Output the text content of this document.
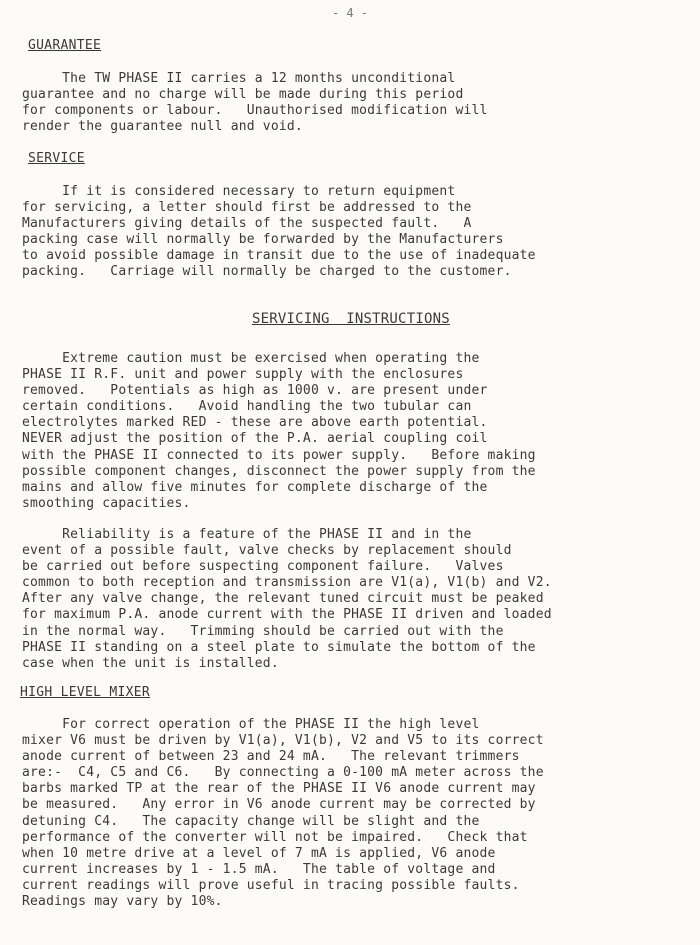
- 4 -
GUARANTEE
The TW PHASE II carries a 12 months unconditional
guarantee and no charge will be made during this period
for components or labour.   Unauthorised modification will
render the guarantee null and void.
SERVICE
If it is considered necessary to return equipment
for servicing, a letter should first be addressed to the
Manufacturers giving details of the suspected fault.   A
packing case will normally be forwarded by the Manufacturers
to avoid possible damage in transit due to the use of inadequate
packing.   Carriage will normally be charged to the customer.
SERVICING INSTRUCTIONS
Extreme caution must be exercised when operating the
PHASE II R.F. unit and power supply with the enclosures
removed.   Potentials as high as 1000 v. are present under
certain conditions.   Avoid handling the two tubular can
electrolytes marked RED - these are above earth potential.
NEVER adjust the position of the P.A. aerial coupling coil
with the PHASE II connected to its power supply.   Before making
possible component changes, disconnect the power supply from the
mains and allow five minutes for complete discharge of the
smoothing capacities.
Reliability is a feature of the PHASE II and in the
event of a possible fault, valve checks by replacement should
be carried out before suspecting component failure.   Valves
common to both reception and transmission are V1(a), V1(b) and V2.
After any valve change, the relevant tuned circuit must be peaked
for maximum P.A. anode current with the PHASE II driven and loaded
in the normal way.   Trimming should be carried out with the
PHASE II standing on a steel plate to simulate the bottom of the
case when the unit is installed.
HIGH LEVEL MIXER
For correct operation of the PHASE II the high level
mixer V6 must be driven by V1(a), V1(b), V2 and V5 to its correct
anode current of between 23 and 24 mA.   The relevant trimmers
are:-  C4, C5 and C6.   By connecting a 0-100 mA meter across the
barbs marked TP at the rear of the PHASE II V6 anode current may
be measured.   Any error in V6 anode current may be corrected by
detuning C4.   The capacity change will be slight and the
performance of the converter will not be impaired.   Check that
when 10 metre drive at a level of 7 mA is applied, V6 anode
current increases by 1 - 1.5 mA.   The table of voltage and
current readings will prove useful in tracing possible faults.
Readings may vary by 10%.
